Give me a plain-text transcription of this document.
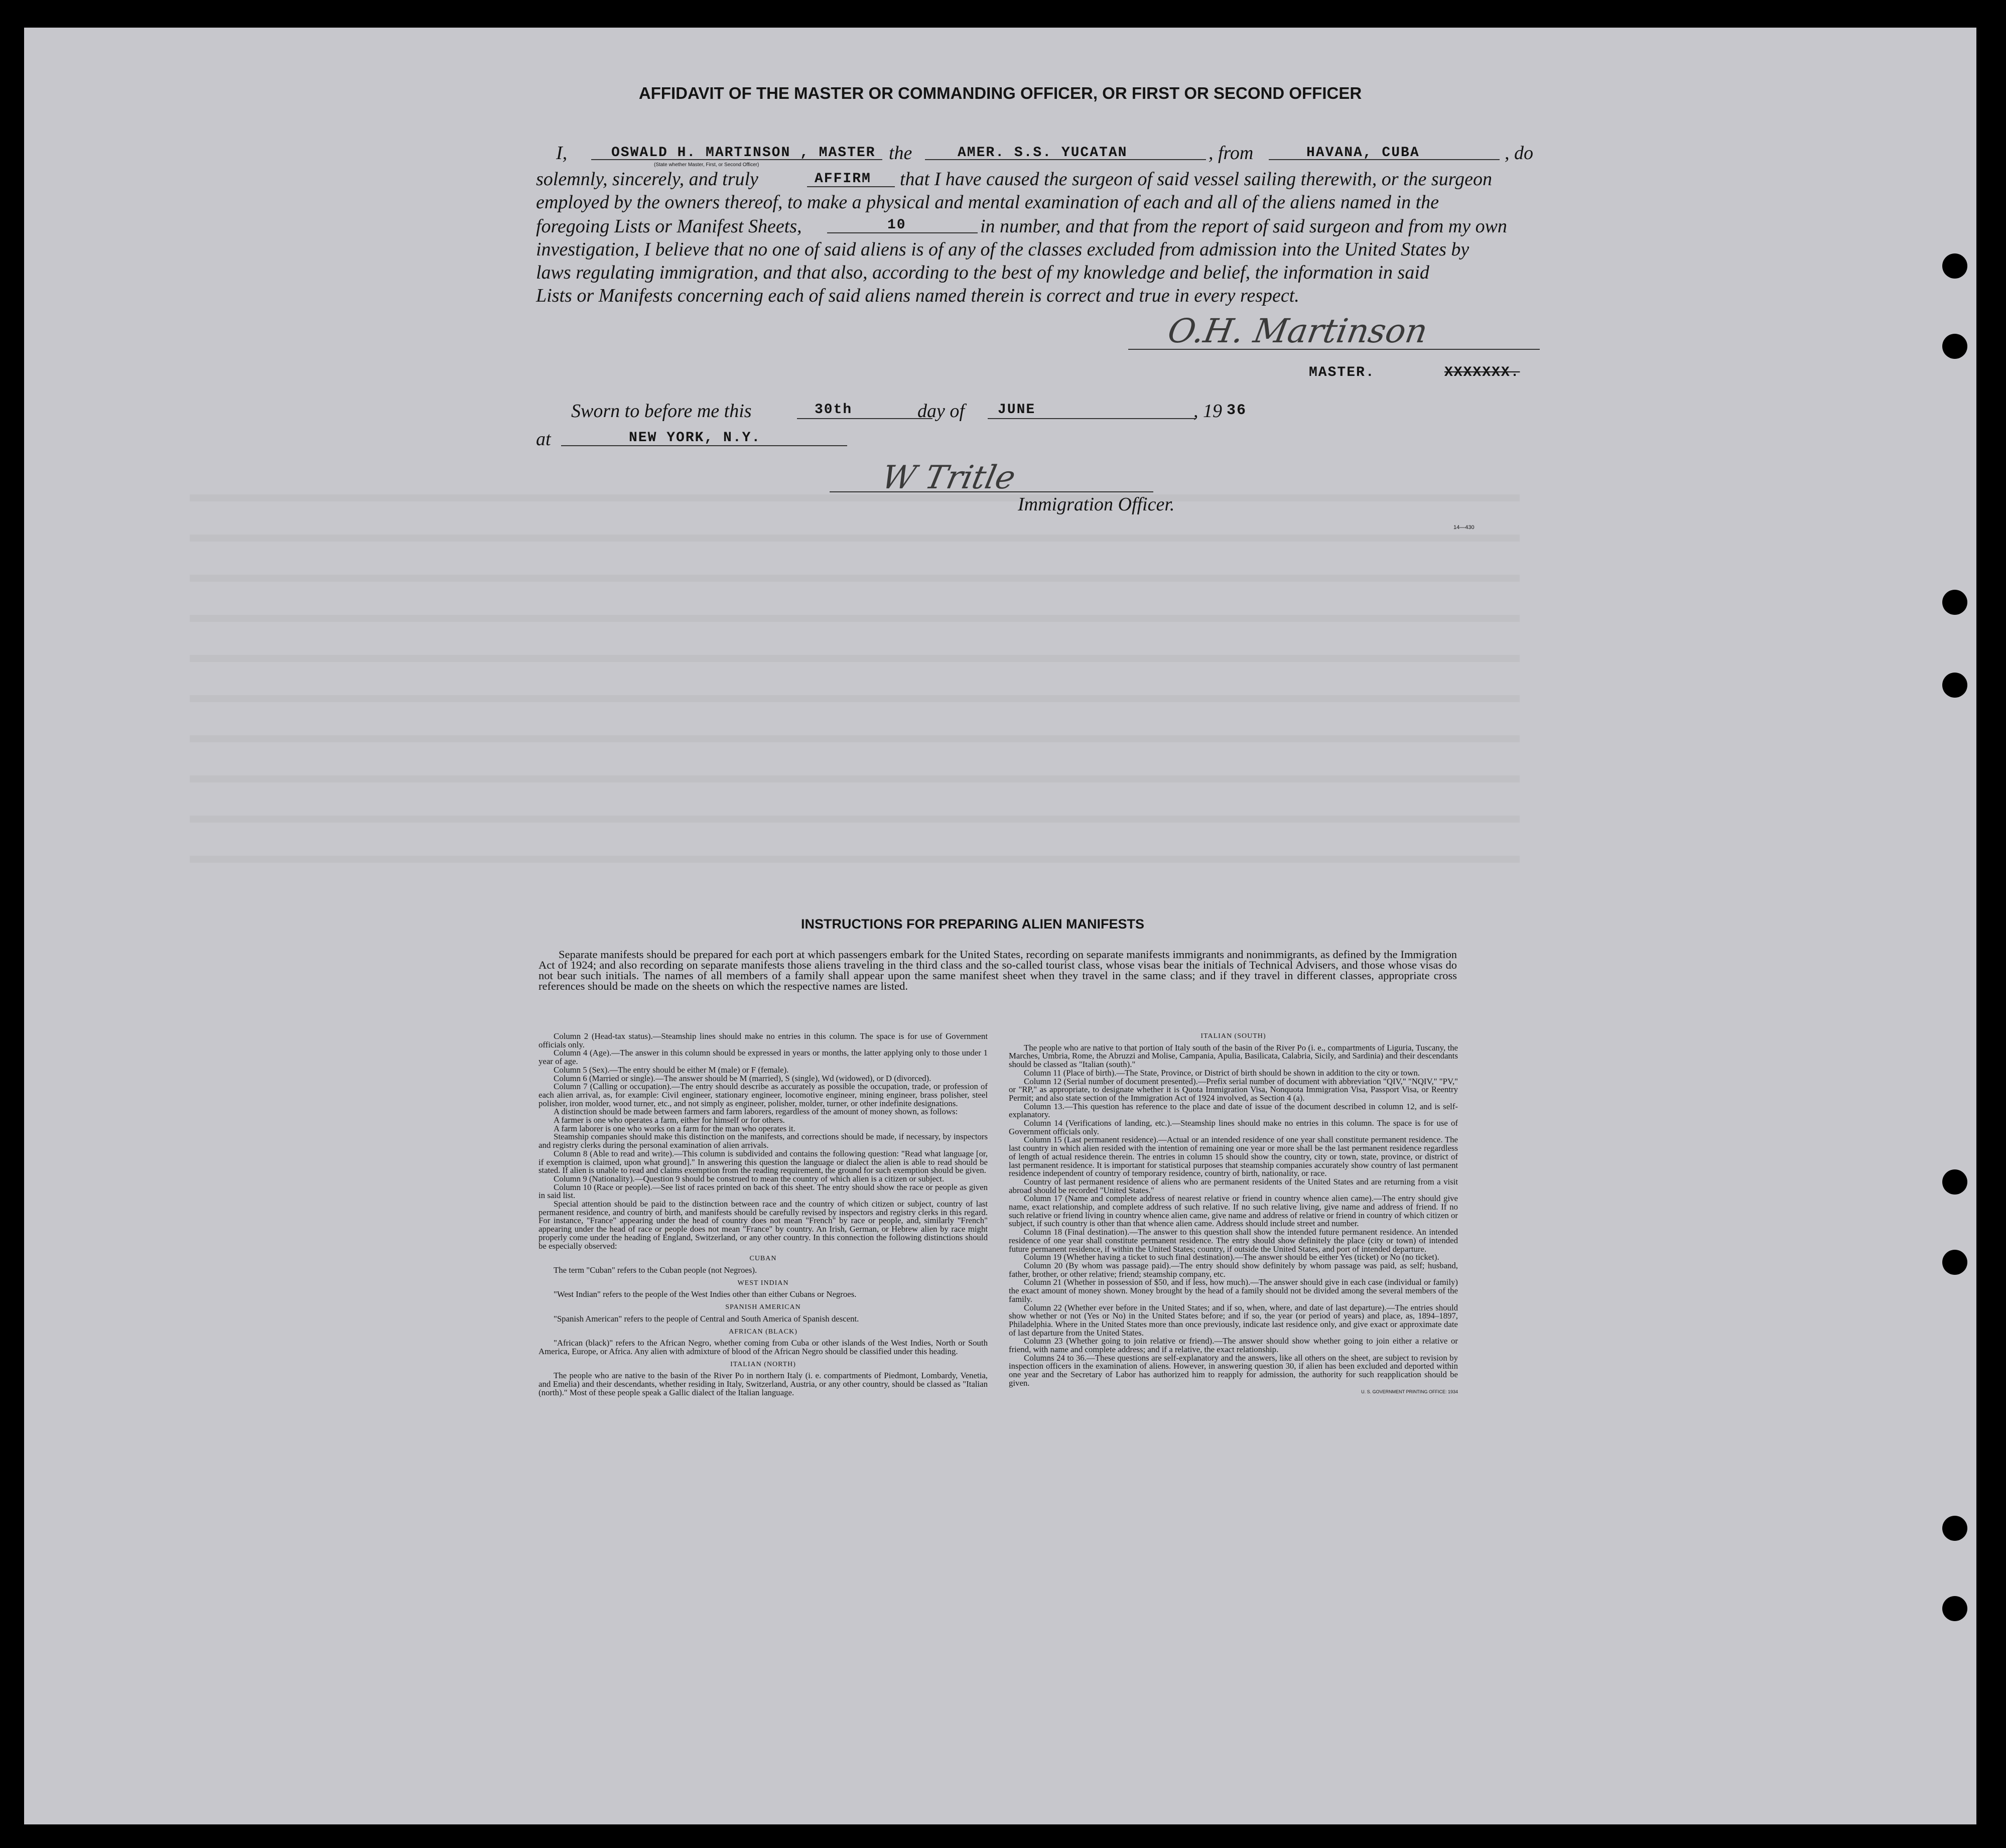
AFFIDAVIT OF THE MASTER OR COMMANDING OFFICER, OR FIRST OR SECOND OFFICER
I,	OSWALD H. MARTINSON , MASTER
(State whether Master, First, or Second Officer)
the	AMER. S.S. YUCATAN	, from	HAVANA, CUBA	, do
solemnly, sincerely, and truly	AFFIRM that I have caused the surgeon of said vessel sailing therewith, or the surgeon
employed by the owners thereof, to make a physical and mental examination of each and all of the aliens named in the
foregoing Lists or Manifest Sheets,	10	in number, and that from the report of said surgeon and from my own
investigation, I believe that no one of said aliens is of any of the classes excluded from admission into the United States by
laws regulating immigration, and that also, according to the best of my knowledge and belief, the information in said
Lists or Manifests concerning each of said aliens named therein is correct and true in every respect.
O.H. Martinson
MASTER.	XXXXXXX.
Sworn to before me this	30th	day of JUNE	, 19 36
at	NEW YORK, N.Y.
W Tritle
Immigration Officer.
14—430
INSTRUCTIONS FOR PREPARING ALIEN MANIFESTS

Separate manifests should be prepared for each port at which passengers embark for the United States, recording on separate manifests immigrants and nonimmigrants, as defined by the Immigration Act of 1924; and also recording on separate manifests those aliens traveling in the third class and the so-called tourist class, whose visas bear the initials of Technical Advisers, and those whose visas do not bear such initials. The names of all members of a family shall appear upon the same manifest sheet when they travel in the same class; and if they travel in different classes, appropriate cross references should be made on the sheets on which the respective names are listed.

Column 2 (Head-tax status).—Steamship lines should make no entries in this column. The space is for use of Government officials only.

Column 4 (Age).—The answer in this column should be expressed in years or months, the latter applying only to those under 1 year of age.

Column 5 (Sex).—The entry should be either M (male) or F (female).

Column 6 (Married or single).—The answer should be M (married), S (single), Wd (widowed), or D (divorced).

Column 7 (Calling or occupation).—The entry should describe as accurately as possible the occupation, trade, or profession of each alien arrival, as, for example: Civil engineer, stationary engineer, locomotive engineer, mining engineer, brass polisher, steel polisher, iron molder, wood turner, etc., and not simply as engineer, polisher, molder, turner, or other indefinite designations.

A distinction should be made between farmers and farm laborers, regardless of the amount of money shown, as follows:

A farmer is one who operates a farm, either for himself or for others.

A farm laborer is one who works on a farm for the man who operates it.

Steamship companies should make this distinction on the manifests, and corrections should be made, if necessary, by inspectors and registry clerks during the personal examination of alien arrivals.

Column 8 (Able to read and write).—This column is subdivided and contains the following question: "Read what language [or, if exemption is claimed, upon what ground]." In answering this question the language or dialect the alien is able to read should be stated. If alien is unable to read and claims exemption from the reading requirement, the ground for such exemption should be given.

Column 9 (Nationality).—Question 9 should be construed to mean the country of which alien is a citizen or subject.

Column 10 (Race or people).—See list of races printed on back of this sheet. The entry should show the race or people as given in said list.

Special attention should be paid to the distinction between race and the country of which citizen or subject, country of last permanent residence, and country of birth, and manifests should be carefully revised by inspectors and registry clerks in this regard. For instance, "France" appearing under the head of country does not mean "French" by race or people, and, similarly "French" appearing under the head of race or people does not mean "France" by country. An Irish, German, or Hebrew alien by race might properly come under the heading of England, Switzerland, or any other country. In this connection the following distinctions should be especially observed:

CUBAN

The term "Cuban" refers to the Cuban people (not Negroes).

WEST INDIAN

"West Indian" refers to the people of the West Indies other than either Cubans or Negroes.

SPANISH AMERICAN

"Spanish American" refers to the people of Central and South America of Spanish descent.

AFRICAN (BLACK)

"African (black)" refers to the African Negro, whether coming from Cuba or other islands of the West Indies, North or South America, Europe, or Africa. Any alien with admixture of blood of the African Negro should be classified under this heading.

ITALIAN (NORTH)

The people who are native to the basin of the River Po in northern Italy (i. e. compartments of Piedmont, Lombardy, Venetia, and Emelia) and their descendants, whether residing in Italy, Switzerland, Austria, or any other country, should be classed as "Italian (north)." Most of these people speak a Gallic dialect of the Italian language.

ITALIAN (SOUTH)

The people who are native to that portion of Italy south of the basin of the River Po (i. e., compartments of Liguria, Tuscany, the Marches, Umbria, Rome, the Abruzzi and Molise, Campania, Apulia, Basilicata, Calabria, Sicily, and Sardinia) and their descendants should be classed as "Italian (south)."

Column 11 (Place of birth).—The State, Province, or District of birth should be shown in addition to the city or town.

Column 12 (Serial number of document presented).—Prefix serial number of document with abbreviation "QIV," "NQIV," "PV," or "RP," as appropriate, to designate whether it is Quota Immigration Visa, Nonquota Immigration Visa, Passport Visa, or Reentry Permit; and also state section of the Immigration Act of 1924 involved, as Section 4 (a).

Column 13.—This question has reference to the place and date of issue of the document described in column 12, and is self-explanatory.

Column 14 (Verifications of landing, etc.).—Steamship lines should make no entries in this column. The space is for use of Government officials only.

Column 15 (Last permanent residence).—Actual or an intended residence of one year shall constitute permanent residence. The last country in which alien resided with the intention of remaining one year or more shall be the last permanent residence regardless of length of actual residence therein. The entries in column 15 should show the country, city or town, state, province, or district of last permanent residence. It is important for statistical purposes that steamship companies accurately show country of last permanent residence independent of country of temporary residence, country of birth, nationality, or race.

Country of last permanent residence of aliens who are permanent residents of the United States and are returning from a visit abroad should be recorded "United States."

Column 17 (Name and complete address of nearest relative or friend in country whence alien came).—The entry should give name, exact relationship, and complete address of such relative. If no such relative living, give name and address of friend. If no such relative or friend living in country whence alien came, give name and address of relative or friend in country of which citizen or subject, if such country is other than that whence alien came. Address should include street and number.

Column 18 (Final destination).—The answer to this question shall show the intended future permanent residence. An intended residence of one year shall constitute permanent residence. The entry should show definitely the place (city or town) of intended future permanent residence, if within the United States; country, if outside the United States, and port of intended departure.

Column 19 (Whether having a ticket to such final destination).—The answer should be either Yes (ticket) or No (no ticket).

Column 20 (By whom was passage paid).—The entry should show definitely by whom passage was paid, as self; husband, father, brother, or other relative; friend; steamship company, etc.

Column 21 (Whether in possession of $50, and if less, how much).—The answer should give in each case (individual or family) the exact amount of money shown. Money brought by the head of a family should not be divided among the several members of the family.

Column 22 (Whether ever before in the United States; and if so, when, where, and date of last departure).—The entries should show whether or not (Yes or No) in the United States before; and if so, the year (or period of years) and place, as, 1894–1897, Philadelphia. Where in the United States more than once previously, indicate last residence only, and give exact or approximate date of last departure from the United States.

Column 23 (Whether going to join relative or friend).—The answer should show whether going to join either a relative or friend, with name and complete address; and if a relative, the exact relationship.

Columns 24 to 36.—These questions are self-explanatory and the answers, like all others on the sheet, are subject to revision by inspection officers in the examination of aliens. However, in answering question 30, if alien has been excluded and deported within one year and the Secretary of Labor has authorized him to reapply for admission, the authority for such reapplication should be given.

U. S. GOVERNMENT PRINTING OFFICE: 1934
